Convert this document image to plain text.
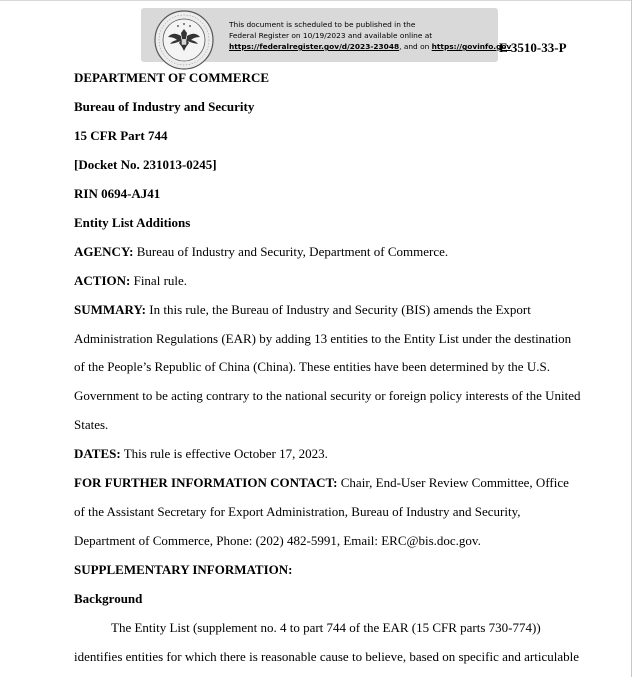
This document is scheduled to be published in the
Federal Register on 10/19/2023 and available online at
https://federalregister.gov/d/2023-23048, and on https://govinfo.gov
E 3510-33-P
DEPARTMENT OF COMMERCE
Bureau of Industry and Security
15 CFR Part 744
[Docket No. 231013-0245]
RIN 0694-AJ41
Entity List Additions
AGENCY: Bureau of Industry and Security, Department of Commerce.
ACTION: Final rule.
SUMMARY: In this rule, the Bureau of Industry and Security (BIS) amends the Export
Administration Regulations (EAR) by adding 13 entities to the Entity List under the destination
of the People’s Republic of China (China). These entities have been determined by the U.S.
Government to be acting contrary to the national security or foreign policy interests of the United
States.
DATES: This rule is effective October 17, 2023.
FOR FURTHER INFORMATION CONTACT: Chair, End-User Review Committee, Office
of the Assistant Secretary for Export Administration, Bureau of Industry and Security,
Department of Commerce, Phone: (202) 482-5991, Email: ERC@bis.doc.gov.
SUPPLEMENTARY INFORMATION:
Background
The Entity List (supplement no. 4 to part 744 of the EAR (15 CFR parts 730-774))
identifies entities for which there is reasonable cause to believe, based on specific and articulable
